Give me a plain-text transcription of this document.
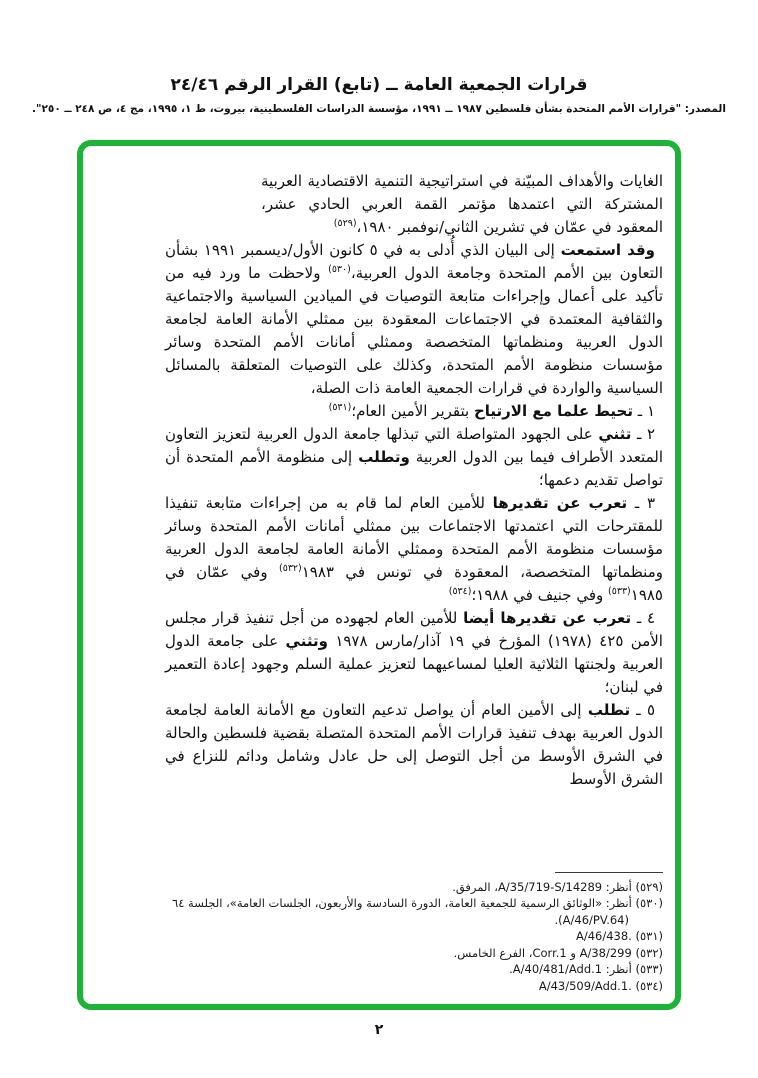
قرارات الجمعية العامة ــ (تابع) القرار الرقم ٢٤/٤٦
المصدر: "قرارات الأمم المتحدة بشأن فلسطين ١٩٨٧ ــ ١٩٩١، مؤسسة الدراسات الفلسطينية، بيروت، ط ١، ١٩٩٥، مج ٤، ص ٢٤٨ ــ ٢٥٠".

الغايات والأهداف المبيّنة في استراتيجية التنمية الاقتصادية العربية المشتركة التي اعتمدها مؤتمر القمة العربي الحادي عشر، المعقود في عمّان في تشرين الثاني/نوفمبر ١٩٨٠،$^{(٥٢٩)}$

وقد استمعت إلى البيان الذي أُدلى به في ٥ كانون الأول/ديسمبر ١٩٩١ بشأن التعاون بين الأمم المتحدة وجامعة الدول العربية،$^{(٥٣٠)}$ ولاحظت ما ورد فيه من تأكيد على أعمال وإجراءات متابعة التوصيات في الميادين السياسية والاجتماعية والثقافية المعتمدة في الاجتماعات المعقودة بين ممثلي الأمانة العامة لجامعة الدول العربية ومنظماتها المتخصصة وممثلي أمانات الأمم المتحدة وسائر مؤسسات منظومة الأمم المتحدة، وكذلك على التوصيات المتعلقة بالمسائل السياسية والواردة في قرارات الجمعية العامة ذات الصلة،

١ ـ تحيط علما مع الارتياح بتقرير الأمين العام؛$^{(٥٣١)}$

٢ ـ تثني على الجهود المتواصلة التي تبذلها جامعة الدول العربية لتعزيز التعاون المتعدد الأطراف فيما بين الدول العربية وتطلب إلى منظومة الأمم المتحدة أن تواصل تقديم دعمها؛

٣ ـ تعرب عن تقديرها للأمين العام لما قام به من إجراءات متابعة تنفيذا للمقترحات التي اعتمدتها الاجتماعات بين ممثلي أمانات الأمم المتحدة وسائر مؤسسات منظومة الأمم المتحدة وممثلي الأمانة العامة لجامعة الدول العربية ومنظماتها المتخصصة، المعقودة في تونس في ١٩٨٣$^{(٥٣٢)}$ وفي عمّان في ١٩٨٥$^{(٥٣٣)}$ وفي جنيف في ١٩٨٨؛$^{(٥٣٤)}$

٤ ـ تعرب عن تقديرها أيضا للأمين العام لجهوده من أجل تنفيذ قرار مجلس الأمن ٤٢٥ (١٩٧٨) المؤرخ في ١٩ آذار/مارس ١٩٧٨ وتثني على جامعة الدول العربية ولجنتها الثلاثية العليا لمساعيهما لتعزيز عملية السلم وجهود إعادة التعمير في لبنان؛

٥ ـ تطلب إلى الأمين العام أن يواصل تدعيم التعاون مع الأمانة العامة لجامعة الدول العربية بهدف تنفيذ قرارات الأمم المتحدة المتصلة بقضية فلسطين والحالة في الشرق الأوسط من أجل التوصل إلى حل عادل وشامل ودائم للنزاع في الشرق الأوسط

(٥٢٩) أنظر: A/35/719-S/14289، المرفق.

(٥٣٠) أنظر: «الوثائق الرسمية للجمعية العامة، الدورة السادسة والأربعون، الجلسات العامة»، الجلسة ٦٤ (A/46/PV.64).

(٥٣١) A/46/438.‎

(٥٣٢) A/38/299 و Corr.1، الفرع الخامس.

(٥٣٣) أنظر: A/40/481/Add.1.

(٥٣٤) A/43/509/Add.1.‎

٢
